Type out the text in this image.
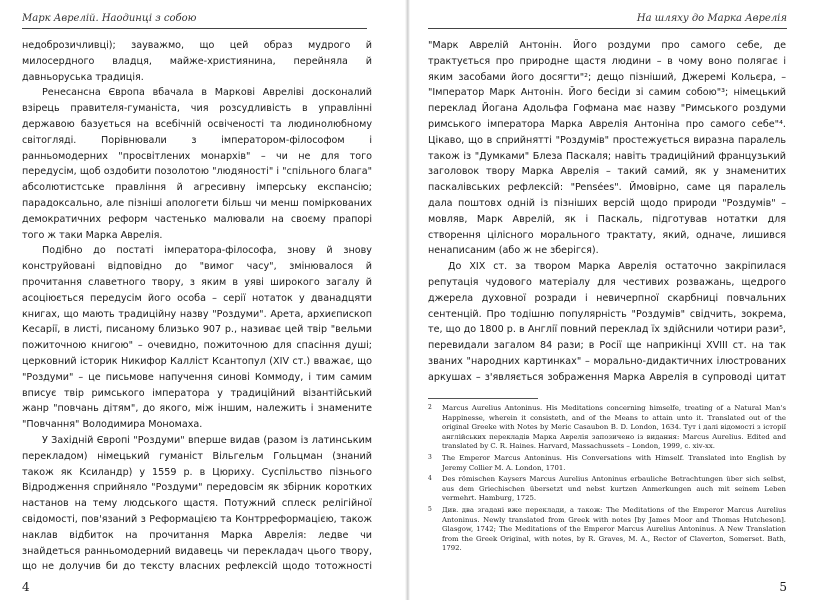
Марк Аврелій. Наодинці з собою

недоброзичливці); зауважмо, що цей образ мудрого й милосердного владця, майже-християнина, перейняла й давньоруська традиція.

Ренесансна Європа вбачала в Маркові Авреліві досконалий взірець правителя-гуманіста, чия розсудливість в управлінні державою базується на всебічній освіченості та людинолюбному світогляді. Порівнювали з імператором-філософом і ранньомодерних "просвітлених монархів" – чи не для того передусім, щоб оздобити позолотою "людяності" і "спільного блага" абсолютистське правління й агресивну імперську експансію; парадоксально, але пізніші апологети більш чи менш поміркованих демократичних реформ частенько малювали на своєму прапорі того ж таки Марка Аврелія.

Подібно до постаті імператора-філософа, знову й знову конструйовані відповідно до "вимог часу", змінювалося й прочитання славетного твору, з яким в уяві широкого загалу й асоціюється передусім його особа – серії нотаток у дванадцяти книгах, що мають традиційну назву "Роздуми". Арета, архиєпископ Кесарії, в листі, писаному близько 907 р., називає цей твір "вельми пожиточною книгою" – очевидно, пожиточною для спасіння душі; церковний історик Никифор Калліст Ксантопул (XIV ст.) вважає, що "Роздуми" – це письмове напучення синові Коммоду, і тим самим вписує твір римського імператора у традиційний візантійський жанр "повчань дітям", до якого, між іншим, належить і знамените "Повчання" Володимира Мономаха.

У Західній Європі "Роздуми" вперше видав (разом із латинським перекладом) німецький гуманіст Вільгельм Гольцман (знаний також як Ксиландр) у 1559 р. в Цюриху. Суспільство пізнього Відродження сприйняло "Роздуми" передовсім як збірник коротких настанов на тему людського щастя. Потужний сплеск релігійної свідомості, пов'язаний з Реформацією та Контрреформацією, також наклав відбиток на прочитання Марка Аврелія: ледве чи знайдеться ранньомодерний видавець чи перекладач цього твору, що не долучив би до тексту власних рефлексій щодо тотожності

4
На шляху до Марка Аврелія

"Марк Аврелій Антонін. Його роздуми про самого себе, де трактується про природне щастя людини – в чому воно полягає і яким засобами його досягти"²; дещо пізніший, Джеремі Кольєра, – "Імператор Марк Антонін. Його бесіди зі самим собою"³; німецький переклад Йогана Адольфа Гофмана має назву "Римського роздуми римського імператора Марка Аврелія Антоніна про самого себе"⁴. Цікаво, що в сприйнятті "Роздумів" простежується виразна паралель також із "Думками" Блеза Паскаля; навіть традиційний французький заголовок твору Марка Аврелія – такий самий, як у знаменитих паскалівських рефлексій: "Pensées". Ймовірно, саме ця паралель дала поштовх одній із пізніших версій щодо природи "Роздумів" – мовляв, Марк Аврелій, як і Паскаль, підготував нотатки для створення цілісного морального трактату, який, одначе, лишився ненаписаним (або ж не зберігся).

До XIX ст. за твором Марка Аврелія остаточно закріпилася репутація чудового матеріалу для честивих розважань, щедрого джерела духовної розради і невичерпної скарбниці повчальних сентенцій. Про тодішню популярність "Роздумів" свідчить, зокрема, те, що до 1800 р. в Англії повний переклад їх здійснили чотири рази⁵, перевидали загалом 84 рази; в Росії ще наприкінці XVIII ст. на так званих "народних картинках" – морально-дидактичних ілюстрованих аркушах – з'являється зображення Марка Аврелія в супроводі цитат

2 Marcus Aurelius Antoninus. His Meditations concerning himselfe, treating of a Natural Man's Happinesse, wherein it consisteth, and of the Means to attain unto it. Translated out of the original Greeke with Notes by Meric Casaubon B. D. London, 1634. Тут і далі відомості з історії англійських перекладів Марка Аврелія запозичено із видання: Marcus Aurelius. Edited and translated by C. R. Haines. Harvard, Massachussets – London, 1999, c. xiv-xx.
3 The Emperor Marcus Antoninus. His Conversations with Himself. Translated into English by Jeremy Collier M. A. London, 1701.
4 Des römischen Kaysers Marcus Aurelius Antoninus erbauliche Betrachtungen über sich selbst, aus dem Griechischen übersetzt und nebst kurtzen Anmerkungen auch mit seinem Leben vermehrt. Hamburg, 1725.
5 Див. два згадані вже переклади, а також: The Meditations of the Emperor Marcus Aurelius Antoninus. Newly translated from Greek with notes [by James Moor and Thomas Hutcheson]. Glasgow, 1742; The Meditations of the Emperor Marcus Aurelius Antoninus. A New Translation from the Greek Original, with notes, by R. Graves, M. A., Rector of Claverton, Somerset. Bath, 1792.
5
